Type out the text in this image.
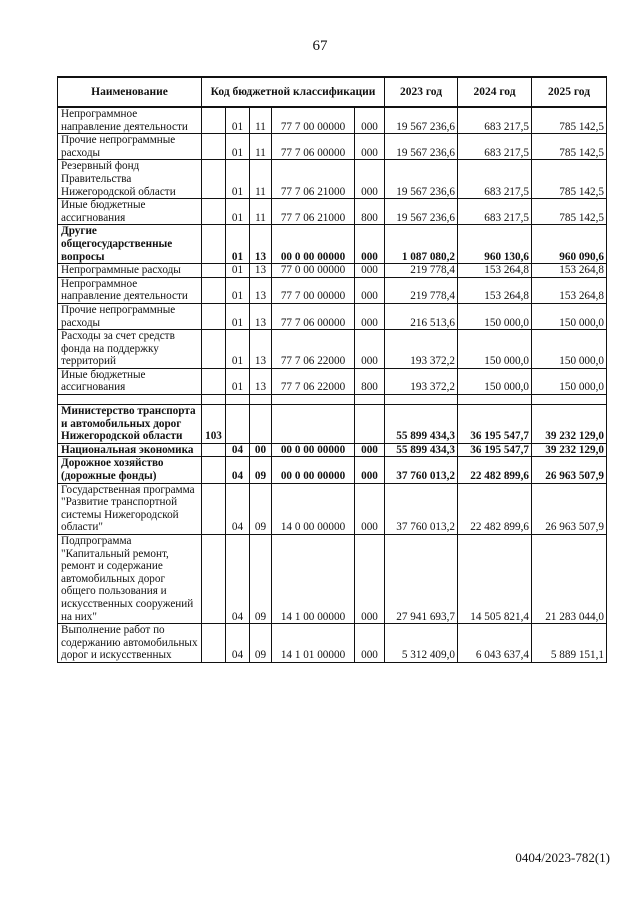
67
Наименование	Код бюджетной классификации					2023 год	2024 год	2025 год
Непрограммное направление деятельности		01	11	77 7 00 00000	000	19 567 236,6	683 217,5	785 142,5
Прочие непрограммные расходы		01	11	77 7 06 00000	000	19 567 236,6	683 217,5	785 142,5
Резервный фонд Правительства Нижегородской области		01	11	77 7 06 21000	000	19 567 236,6	683 217,5	785 142,5
Иные бюджетные ассигнования		01	11	77 7 06 21000	800	19 567 236,6	683 217,5	785 142,5
Другие общегосударственные вопросы		01	13	00 0 00 00000	000	1 087 080,2	960 130,6	960 090,6
Непрограммные расходы		01	13	77 0 00 00000	000	219 778,4	153 264,8	153 264,8
Непрограммное направление деятельности		01	13	77 7 00 00000	000	219 778,4	153 264,8	153 264,8
Прочие непрограммные расходы		01	13	77 7 06 00000	000	216 513,6	150 000,0	150 000,0
Расходы за счет средств фонда на поддержку территорий		01	13	77 7 06 22000	000	193 372,2	150 000,0	150 000,0
Иные бюджетные ассигнования		01	13	77 7 06 22000	800	193 372,2	150 000,0	150 000,0

Министерство транспорта и автомобильных дорог Нижегородской области	103					55 899 434,3	36 195 547,7	39 232 129,0
Национальная экономика		04	00	00 0 00 00000	000	55 899 434,3	36 195 547,7	39 232 129,0
Дорожное хозяйство (дорожные фонды)		04	09	00 0 00 00000	000	37 760 013,2	22 482 899,6	26 963 507,9
Государственная программа "Развитие транспортной системы Нижегородской области"		04	09	14 0 00 00000	000	37 760 013,2	22 482 899,6	26 963 507,9
Подпрограмма "Капитальный ремонт, ремонт и содержание автомобильных дорог общего пользования и искусственных сооружений на них"		04	09	14 1 00 00000	000	27 941 693,7	14 505 821,4	21 283 044,0
Выполнение работ по содержанию автомобильных дорог и искусственных		04	09	14 1 01 00000	000	5 312 409,0	6 043 637,4	5 889 151,1
0404/2023-782(1)
